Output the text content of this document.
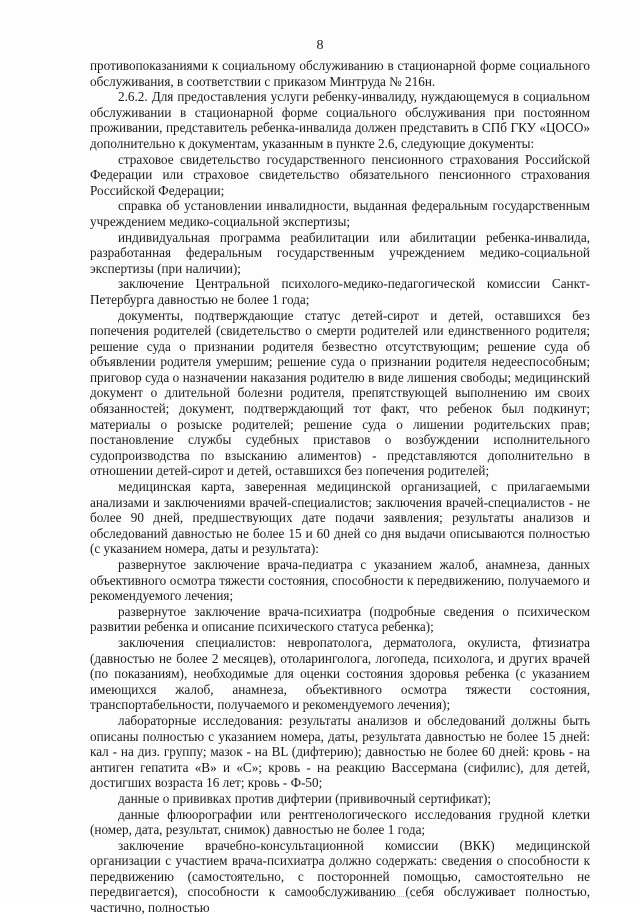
8

противопоказаниями к социальному обслуживанию в стационарной форме социального обслуживания, в соответствии с приказом Минтруда № 216н.

2.6.2. Для предоставления услуги ребенку-инвалиду, нуждающемуся в социальном обслуживании в стационарной форме социального обслуживания при постоянном проживании, представитель ребенка-инвалида должен представить в СПб ГКУ «ЦОСО» дополнительно к документам, указанным в пункте 2.6, следующие документы:

страховое свидетельство государственного пенсионного страхования Российской Федерации или страховое свидетельство обязательного пенсионного страхования Российской Федерации;

справка об установлении инвалидности, выданная федеральным государственным учреждением медико-социальной экспертизы;

индивидуальная программа реабилитации или абилитации ребенка-инвалида, разработанная федеральным государственным учреждением медико-социальной экспертизы (при наличии);

заключение Центральной психолого-медико-педагогической комиссии Санкт-Петербурга давностью не более 1 года;

документы, подтверждающие статус детей-сирот и детей, оставшихся без попечения родителей (свидетельство о смерти родителей или единственного родителя; решение суда о признании родителя безвестно отсутствующим; решение суда об объявлении родителя умершим; решение суда о признании родителя недееспособным; приговор суда о назначении наказания родителю в виде лишения свободы; медицинский документ о длительной болезни родителя, препятствующей выполнению им своих обязанностей; документ, подтверждающий тот факт, что ребенок был подкинут; материалы о розыске родителей; решение суда о лишении родительских прав; постановление службы судебных приставов о возбуждении исполнительного судопроизводства по взысканию алиментов) - представляются дополнительно в отношении детей-сирот и детей, оставшихся без попечения родителей;

медицинская карта, заверенная медицинской организацией, с прилагаемыми анализами и заключениями врачей-специалистов; заключения врачей-специалистов - не более 90 дней, предшествующих дате подачи заявления; результаты анализов и обследований давностью не более 15 и 60 дней со дня выдачи описываются полностью (с указанием номера, даты и результата):

развернутое заключение врача-педиатра с указанием жалоб, анамнеза, данных объективного осмотра тяжести состояния, способности к передвижению, получаемого и рекомендуемого лечения;

развернутое заключение врача-психиатра (подробные сведения о психическом развитии ребенка и описание психического статуса ребенка);

заключения специалистов: невропатолога, дерматолога, окулиста, фтизиатра (давностью не более 2 месяцев), отоларинголога, логопеда, психолога, и других врачей (по показаниям), необходимые для оценки состояния здоровья ребенка (с указанием имеющихся жалоб, анамнеза, объективного осмотра тяжести состояния, транспортабельности, получаемого и рекомендуемого лечения);

лабораторные исследования: результаты анализов и обследований должны быть описаны полностью с указанием номера, даты, результата давностью не более 15 дней: кал - на диз. группу; мазок - на BL (дифтерию); давностью не более 60 дней: кровь - на антиген гепатита «В» и «С»; кровь - на реакцию Вассермана (сифилис), для детей, достигших возраста 16 лет; кровь - Ф-50;

данные о прививках против дифтерии (прививочный сертификат);

данные флюорографии или рентгенологического исследования грудной клетки (номер, дата, результат, снимок) давностью не более 1 года;

заключение врачебно-консультационной комиссии (ВКК) медицинской организации с участием врача-психиатра должно содержать: сведения о способности к передвижению (самостоятельно, с посторонней помощью, самостоятельно не передвигается), способности к самообслуживанию (себя обслуживает полностью, частично, полностью
